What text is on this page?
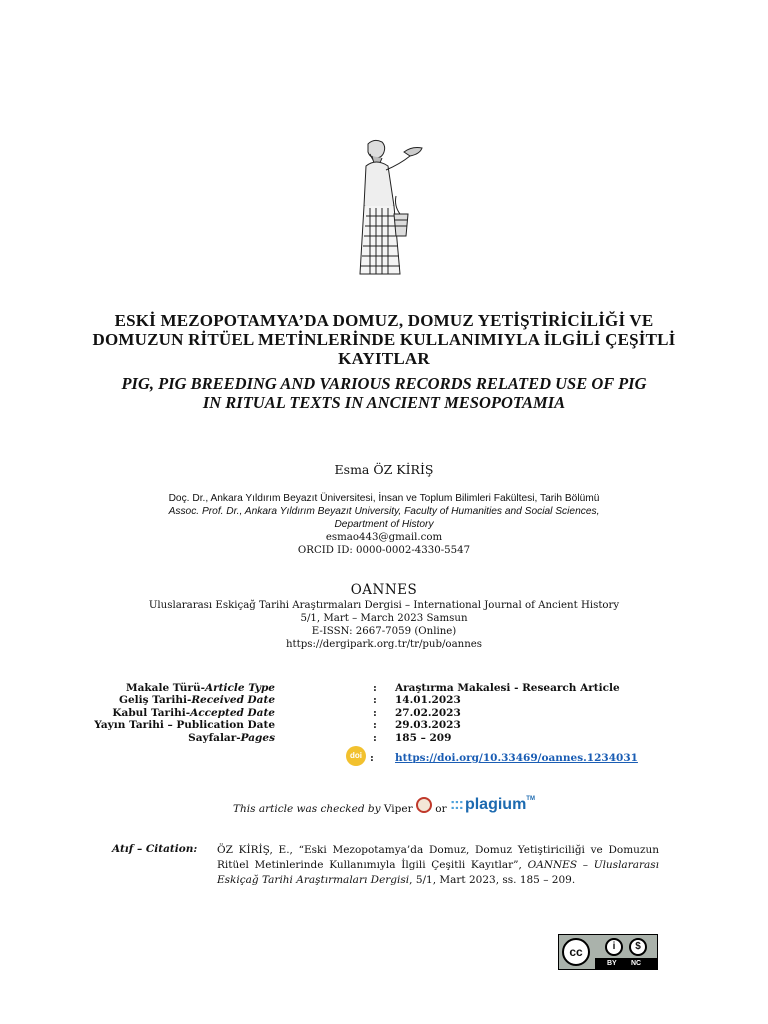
ESKİ MEZOPOTAMYA’DA DOMUZ, DOMUZ YETİŞTİRİCİLİĞİ VE
DOMUZUN RİTÜEL METİNLERİNDE KULLANIMIYLA İLGİLİ ÇEŞİTLİ
KAYITLAR
PIG, PIG BREEDING AND VARIOUS RECORDS RELATED USE OF PIG
IN RITUAL TEXTS IN ANCIENT MESOPOTAMIA
Esma ÖZ KİRİŞ
Doç. Dr., Ankara Yıldırım Beyazıt Üniversitesi, İnsan ve Toplum Bilimleri Fakültesi, Tarih Bölümü
Assoc. Prof. Dr., Ankara Yıldırım Beyazıt University, Faculty of Humanities and Social Sciences,
Department of History
esmao443@gmail.com
ORCID ID: 0000-0002-4330-5547
OANNES
Uluslararası Eskiçağ Tarihi Araştırmaları Dergisi – International Journal of Ancient History
5/1, Mart – March 2023 Samsun
E-ISSN: 2667-7059 (Online)
https://dergipark.org.tr/tr/pub/oannes
Makale Türü-Article Type	: Araştırma Makalesi - Research Article
Geliş Tarihi-Received Date	: 14.01.2023
Kabul Tarihi-Accepted Date	: 27.02.2023
Yayın Tarihi – Publication Date	: 29.03.2023
Sayfalar-Pages	: 185 – 209
doi : https://doi.org/10.33469/oannes.1234031
This article was checked by Viper or ::: plagium™
Atıf – Citation: ÖZ KİRİŞ, E., “Eski Mezopotamya’da Domuz, Domuz Yetiştiriciliği ve Domuzun Ritüel Metinlerinde Kullanımıyla İlgili Çeşitli Kayıtlar”, OANNES – Uluslararası Eskiçağ Tarihi Araştırmaları Dergisi, 5/1, Mart 2023, ss. 185 – 209.
cc	i	$
BY NC
